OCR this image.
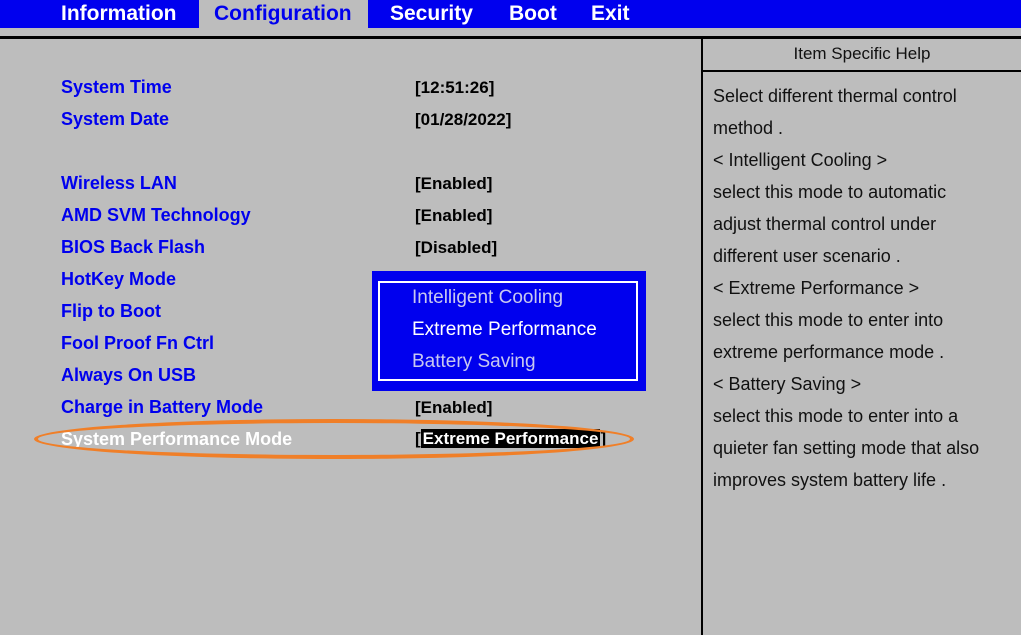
Information	Configuration	Security Boot Exit
System Time	[12:51:26]
System Date	[01/28/2022]
Wireless LAN	[Enabled]
AMD SVM Technology	[Enabled]
BIOS Back Flash	[Disabled]
HotKey Mode
Flip to Boot
Fool Proof Fn Ctrl
Always On USB
Charge in Battery Mode	[Enabled]
System Performance Mode	[ Extreme Performance ]
Intelligent Cooling
Extreme Performance
Battery Saving
Item Specific Help
Select different thermal control
method .
< Intelligent Cooling >
select this mode to automatic
adjust thermal control under
different user scenario .
< Extreme Performance >
select this mode to enter into
extreme performance mode .
< Battery Saving >
select this mode to enter into a
quieter fan setting mode that also
improves system battery life .
